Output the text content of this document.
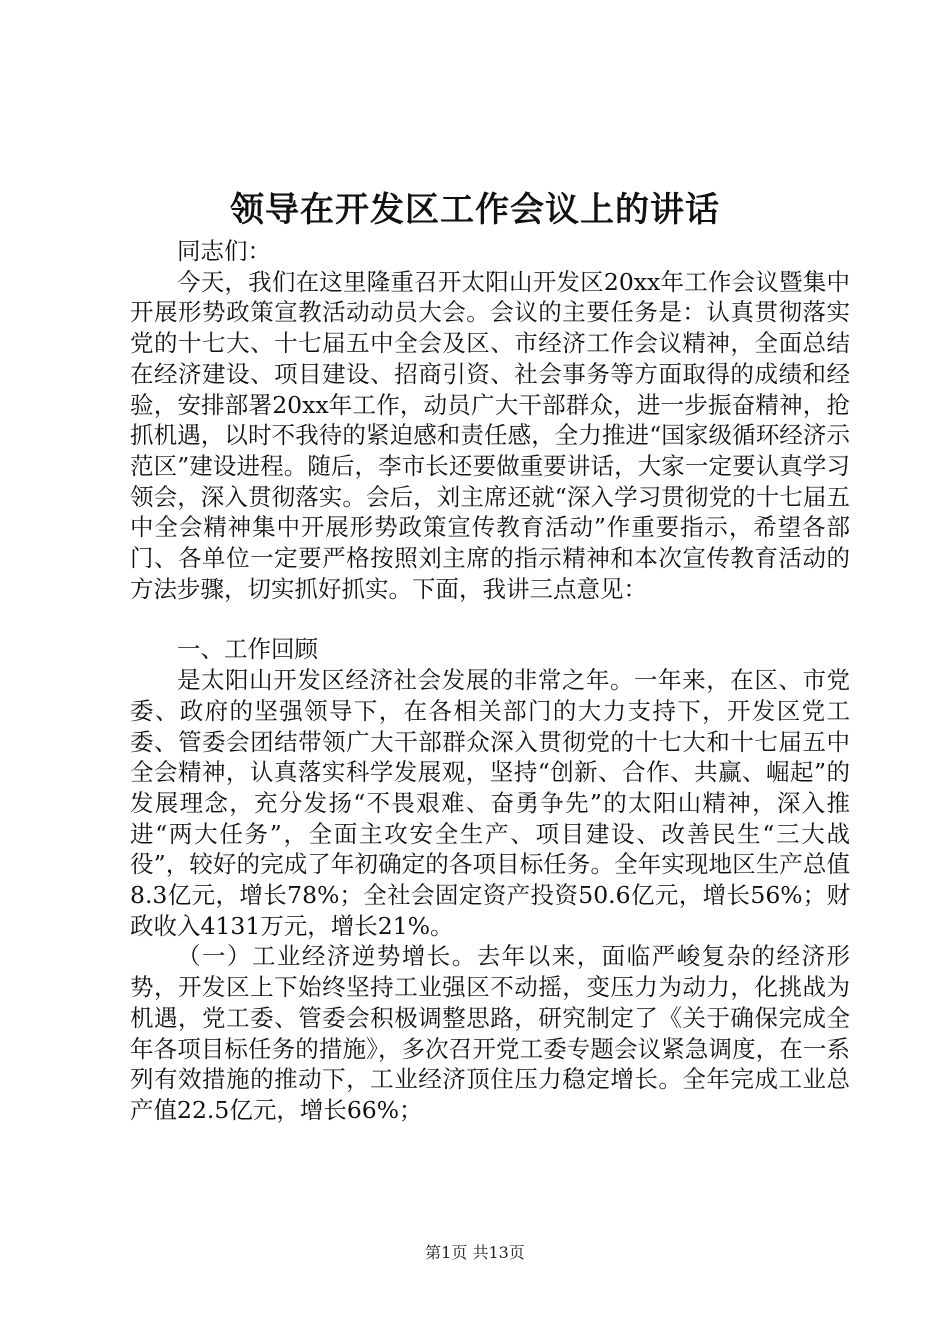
领导在开发区工作会议上的讲话

同志们：

今天，我们在这里隆重召开太阳山开发区20xx年工作会议暨集中开展形势政策宣教活动动员大会。会议的主要任务是：认真贯彻落实党的十七大、十七届五中全会及区、市经济工作会议精神，全面总结在经济建设、项目建设、招商引资、社会事务等方面取得的成绩和经验，安排部署20xx年工作，动员广大干部群众，进一步振奋精神，抢抓机遇，以时不我待的紧迫感和责任感，全力推进“国家级循环经济示范区”建设进程。随后，李市长还要做重要讲话，大家一定要认真学习领会，深入贯彻落实。会后，刘主席还就“深入学习贯彻党的十七届五中全会精神集中开展形势政策宣传教育活动”作重要指示，希望各部门、各单位一定要严格按照刘主席的指示精神和本次宣传教育活动的方法步骤，切实抓好抓实。下面，我讲三点意见：

一、工作回顾

是太阳山开发区经济社会发展的非常之年。一年来，在区、市党委、政府的坚强领导下，在各相关部门的大力支持下，开发区党工委、管委会团结带领广大干部群众深入贯彻党的十七大和十七届五中全会精神，认真落实科学发展观，坚持“创新、合作、共赢、崛起”的发展理念，充分发扬“不畏艰难、奋勇争先”的太阳山精神，深入推进“两大任务”，全面主攻安全生产、项目建设、改善民生“三大战役”，较好的完成了年初确定的各项目标任务。全年实现地区生产总值8.3亿元，增长78%；全社会固定资产投资50.6亿元，增长56%；财政收入4131万元，增长21%。

（一）工业经济逆势增长。去年以来，面临严峻复杂的经济形势，开发区上下始终坚持工业强区不动摇，变压力为动力，化挑战为机遇，党工委、管委会积极调整思路，研究制定了《关于确保完成全年各项目标任务的措施》，多次召开党工委专题会议紧急调度，在一系列有效措施的推动下，工业经济顶住压力稳定增长。全年完成工业总产值22.5亿元，增长66%；

第1页 共13页
